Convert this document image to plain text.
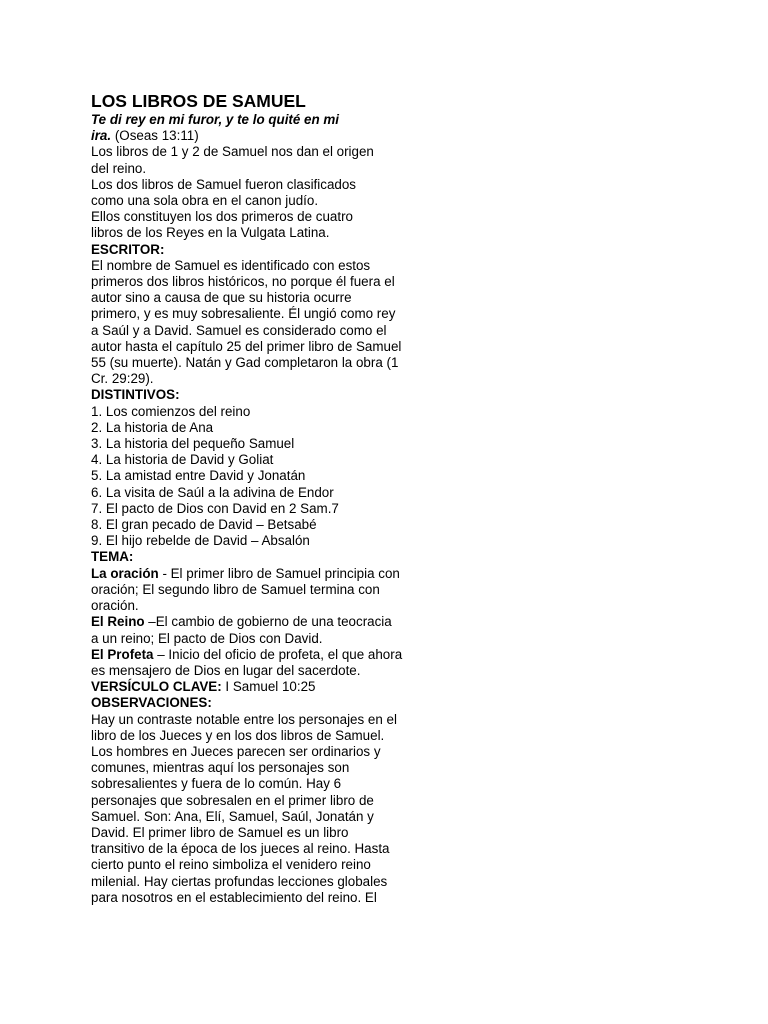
LOS LIBROS DE SAMUEL
Te di rey en mi furor, y te lo quité en mi
ira. (Oseas 13:11)
Los libros de 1 y 2 de Samuel nos dan el origen
del reino.
Los dos libros de Samuel fueron clasificados
como una sola obra en el canon judío.
Ellos constituyen los dos primeros de cuatro
libros de los Reyes en la Vulgata Latina.
ESCRITOR:
El nombre de Samuel es identificado con estos
primeros dos libros históricos, no porque él fuera el
autor sino a causa de que su historia ocurre
primero, y es muy sobresaliente. Él ungió como rey
a Saúl y a David. Samuel es considerado como el
autor hasta el capítulo 25 del primer libro de Samuel
55 (su muerte). Natán y Gad completaron la obra (1
Cr. 29:29).
DISTINTIVOS:
1. Los comienzos del reino
2. La historia de Ana
3. La historia del pequeño Samuel
4. La historia de David y Goliat
5. La amistad entre David y Jonatán
6. La visita de Saúl a la adivina de Endor
7. El pacto de Dios con David en 2 Sam.7
8. El gran pecado de David – Betsabé
9. El hijo rebelde de David – Absalón
TEMA:
La oración - El primer libro de Samuel principia con
oración; El segundo libro de Samuel termina con
oración.
El Reino –El cambio de gobierno de una teocracia
a un reino; El pacto de Dios con David.
El Profeta – Inicio del oficio de profeta, el que ahora
es mensajero de Dios en lugar del sacerdote.
VERSÍCULO CLAVE: I Samuel 10:25
OBSERVACIONES:
Hay un contraste notable entre los personajes en el
libro de los Jueces y en los dos libros de Samuel.
Los hombres en Jueces parecen ser ordinarios y
comunes, mientras aquí los personajes son
sobresalientes y fuera de lo común. Hay 6
personajes que sobresalen en el primer libro de
Samuel. Son: Ana, Elí, Samuel, Saúl, Jonatán y
David. El primer libro de Samuel es un libro
transitivo de la época de los jueces al reino. Hasta
cierto punto el reino simboliza el venidero reino
milenial. Hay ciertas profundas lecciones globales
para nosotros en el establecimiento del reino. El
